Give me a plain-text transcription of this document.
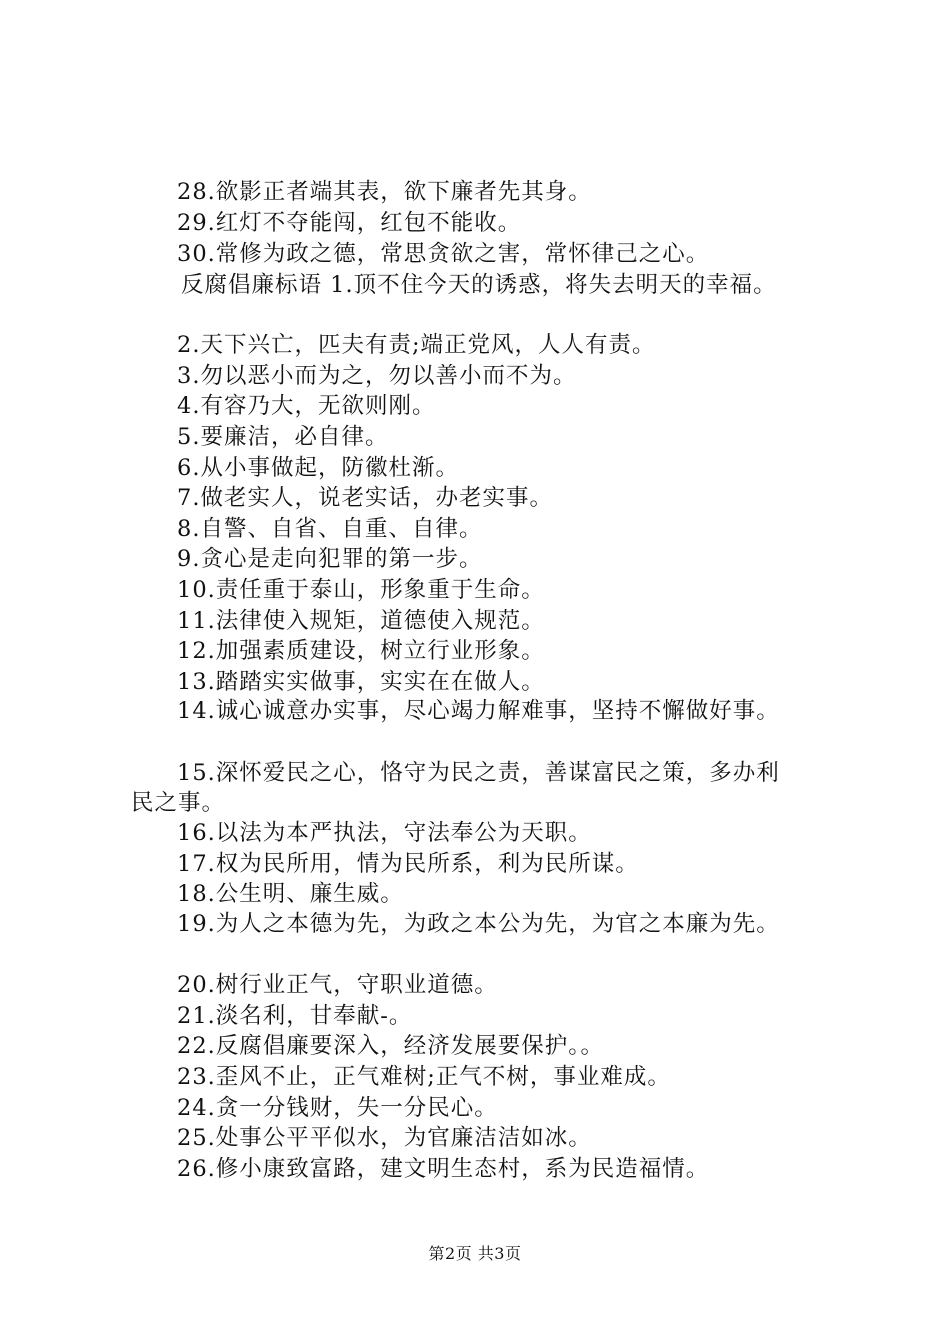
28.欲影正者端其表，欲下廉者先其身。
29.红灯不夺能闯，红包不能收。
30.常修为政之德，常思贪欲之害，常怀律己之心。
反腐倡廉标语 1.顶不住今天的诱惑，将失去明天的幸福。
2.天下兴亡，匹夫有责;端正党风，人人有责。
3.勿以恶小而为之，勿以善小而不为。
4.有容乃大，无欲则刚。
5.要廉洁，必自律。
6.从小事做起，防徽杜渐。
7.做老实人，说老实话，办老实事。
8.自警、自省、自重、自律。
9.贪心是走向犯罪的第一步。
10.责任重于泰山，形象重于生命。
11.法律使入规矩，道德使入规范。
12.加强素质建设，树立行业形象。
13.踏踏实实做事，实实在在做人。
14.诚心诚意办实事，尽心竭力解难事，坚持不懈做好事。
15.深怀爱民之心，恪守为民之责，善谋富民之策，多办利
民之事。
16.以法为本严执法，守法奉公为天职。
17.权为民所用，情为民所系，利为民所谋。
18.公生明、廉生威。
19.为人之本德为先，为政之本公为先，为官之本廉为先。
20.树行业正气，守职业道德。
21.淡名利，甘奉献-。
22.反腐倡廉要深入，经济发展要保护。。
23.歪风不止，正气难树;正气不树，事业难成。
24.贪一分钱财，失一分民心。
25.处事公平平似水，为官廉洁洁如冰。
26.修小康致富路，建文明生态村，系为民造福情。
第2页 共3页
